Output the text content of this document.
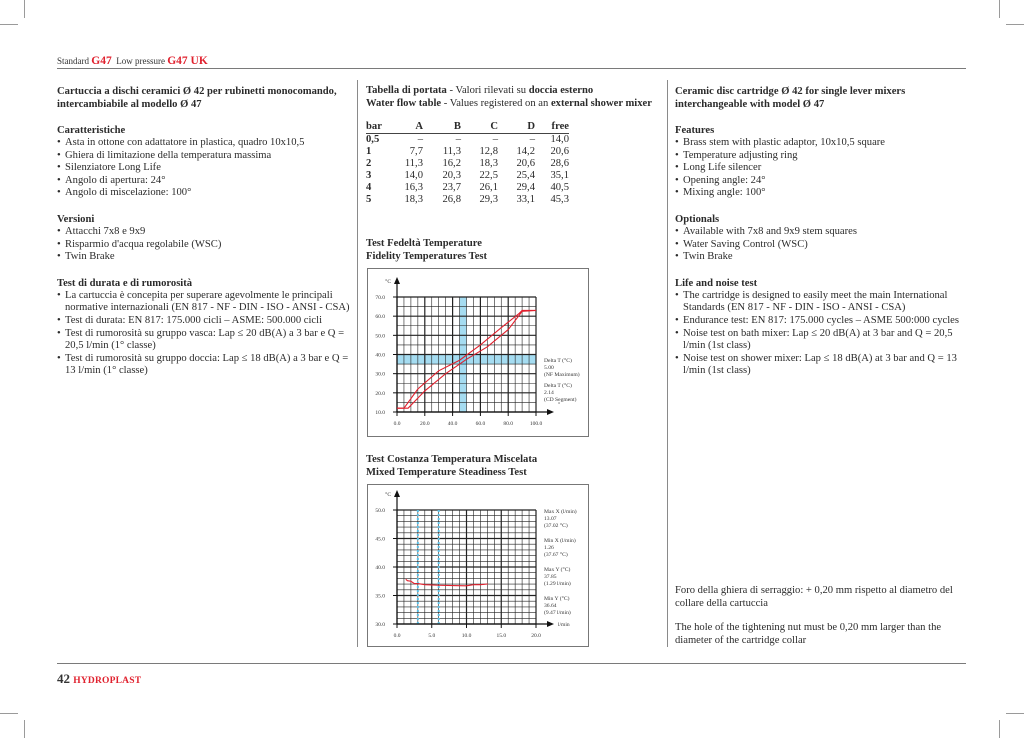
Standard G47 Low pressure G47 UK
Cartuccia a dischi ceramici Ø 42 per rubinetti monocomando, intercambiabile al modello Ø 47
Caratteristiche
• Asta in ottone con adattatore in plastica, quadro 10x10,5
• Ghiera di limitazione della temperatura massima
• Silenziatore Long Life
• Angolo di apertura: 24°
• Angolo di miscelazione: 100°
Versioni
• Attacchi 7x8 e 9x9
• Risparmio d'acqua regolabile (WSC)
• Twin Brake
Test di durata e di rumorosità
• La cartuccia è concepita per superare agevolmente le principali normative internazionali (EN 817 - NF - DIN - ISO - ANSI - CSA)
• Test di durata: EN 817: 175.000 cicli – ASME: 500.000 cicli
• Test di rumorosità su gruppo vasca: Lap ≤ 20 dB(A) a 3 bar e Q = 20,5 l/min (1° classe)
• Test di rumorosità su gruppo doccia: Lap ≤ 18 dB(A) a 3 bar e Q = 13 l/min (1° classe)
Tabella di portata - Valori rilevati su doccia esterno
Water flow table - Values registered on an external shower mixer
bar	A	B	C	D	free
0,5	–	–	–	–	14,0
1	7,7	11,3	12,8	14,2	20,6
2	11,3	16,2	18,3	20,6	28,6
3	14,0	20,3	22,5	25,4	35,1
4	16,3	23,7	26,1	29,4	40,5
5	18,3	26,8	29,3	33,1	45,3
Test Fedeltà Temperature
Fidelity Temperatures Test
0.0	20.0	40.0	60.0	80.0	100.0
10.0
20.0
30.0
40.0
50.0
60.0
70.0
°C
°
Delta T (°C)
5.00
(NF Maximum)
Delta T (°C)
2.14
(CD Segment)
Test Costanza Temperatura Miscelata
Mixed Temperature Steadiness Test
0.0	5.0	10.0	15.0	20.0
30.0
35.0
40.0
45.0
50.0
°C
l/min
Max X (l/min)
13.07
(37.02 °C)
Min X (l/min)
1.26
(37.67 °C)
Max Y (°C)
37.85
(1.29 l/min)
Min Y (°C)
36.64
(9.47 l/min)
Ceramic disc cartridge Ø 42 for single lever mixers interchangeable with model Ø 47
Features
• Brass stem with plastic adaptor, 10x10,5 square
• Temperature adjusting ring
• Long Life silencer
• Opening angle: 24°
• Mixing angle: 100°
Optionals
• Available with 7x8 and 9x9 stem squares
• Water Saving Control (WSC)
• Twin Brake
Life and noise test
• The cartridge is designed to easily meet the main International Standards (EN 817 - NF - DIN - ISO - ANSI - CSA)
• Endurance test: EN 817: 175.000 cycles – ASME 500:000 cycles
• Noise test on bath mixer: Lap ≤ 20 dB(A) at 3 bar and Q = 20,5 l/min (1st class)
• Noise test on shower mixer: Lap ≤ 18 dB(A) at 3 bar and Q = 13 l/min (1st class)
Foro della ghiera di serraggio: + 0,20 mm rispetto al diametro del collare della cartuccia
The hole of the tightening nut must be 0,20 mm larger than the diameter of the cartridge collar
42 HYDROPLAST
